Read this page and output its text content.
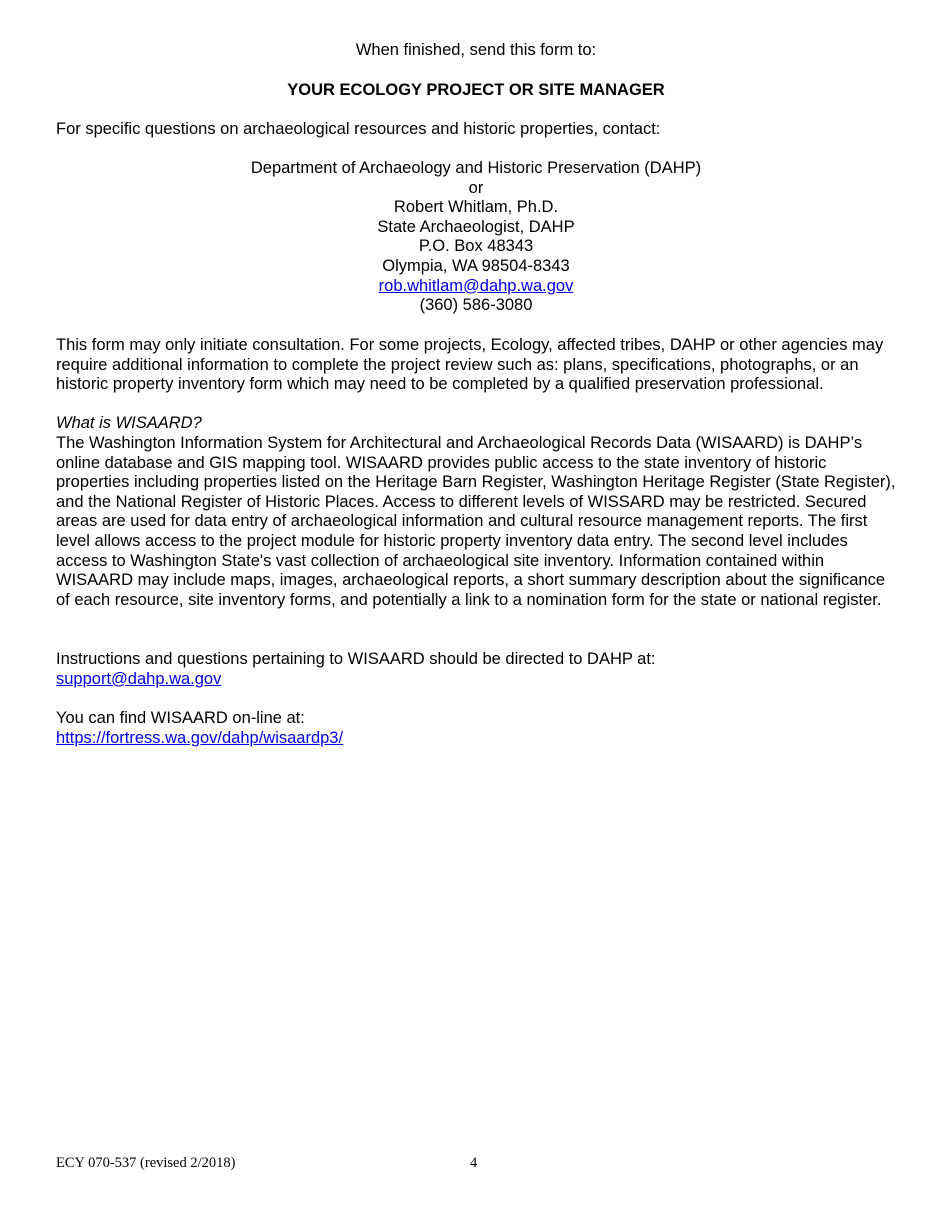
When finished, send this form to:
YOUR ECOLOGY PROJECT OR SITE MANAGER
For specific questions on archaeological resources and historic properties, contact:
Department of Archaeology and Historic Preservation (DAHP)
or
Robert Whitlam, Ph.D.
State Archaeologist, DAHP
P.O. Box 48343
Olympia, WA 98504-8343
rob.whitlam@dahp.wa.gov
(360) 586-3080
This form may only initiate consultation. For some projects, Ecology, affected tribes, DAHP or other agencies may require additional information to complete the project review such as: plans, specifications, photographs, or an historic property inventory form which may need to be completed by a qualified preservation professional.
What is WISAARD?
The Washington Information System for Architectural and Archaeological Records Data (WISAARD) is DAHP’s online database and GIS mapping tool. WISAARD provides public access to the state inventory of historic properties including properties listed on the Heritage Barn Register, Washington Heritage Register (State Register), and the National Register of Historic Places. Access to different levels of WISSARD may be restricted. Secured areas are used for data entry of archaeological information and cultural resource management reports. The first level allows access to the project module for historic property inventory data entry. The second level includes access to Washington State's vast collection of archaeological site inventory. Information contained within WISAARD may include maps, images, archaeological reports, a short summary description about the significance of each resource, site inventory forms, and potentially a link to a nomination form for the state or national register.
Instructions and questions pertaining to WISAARD should be directed to DAHP at:
support@dahp.wa.gov
You can find WISAARD on-line at:
https://fortress.wa.gov/dahp/wisaardp3/
ECY 070-537 (revised 2/2018)	4
